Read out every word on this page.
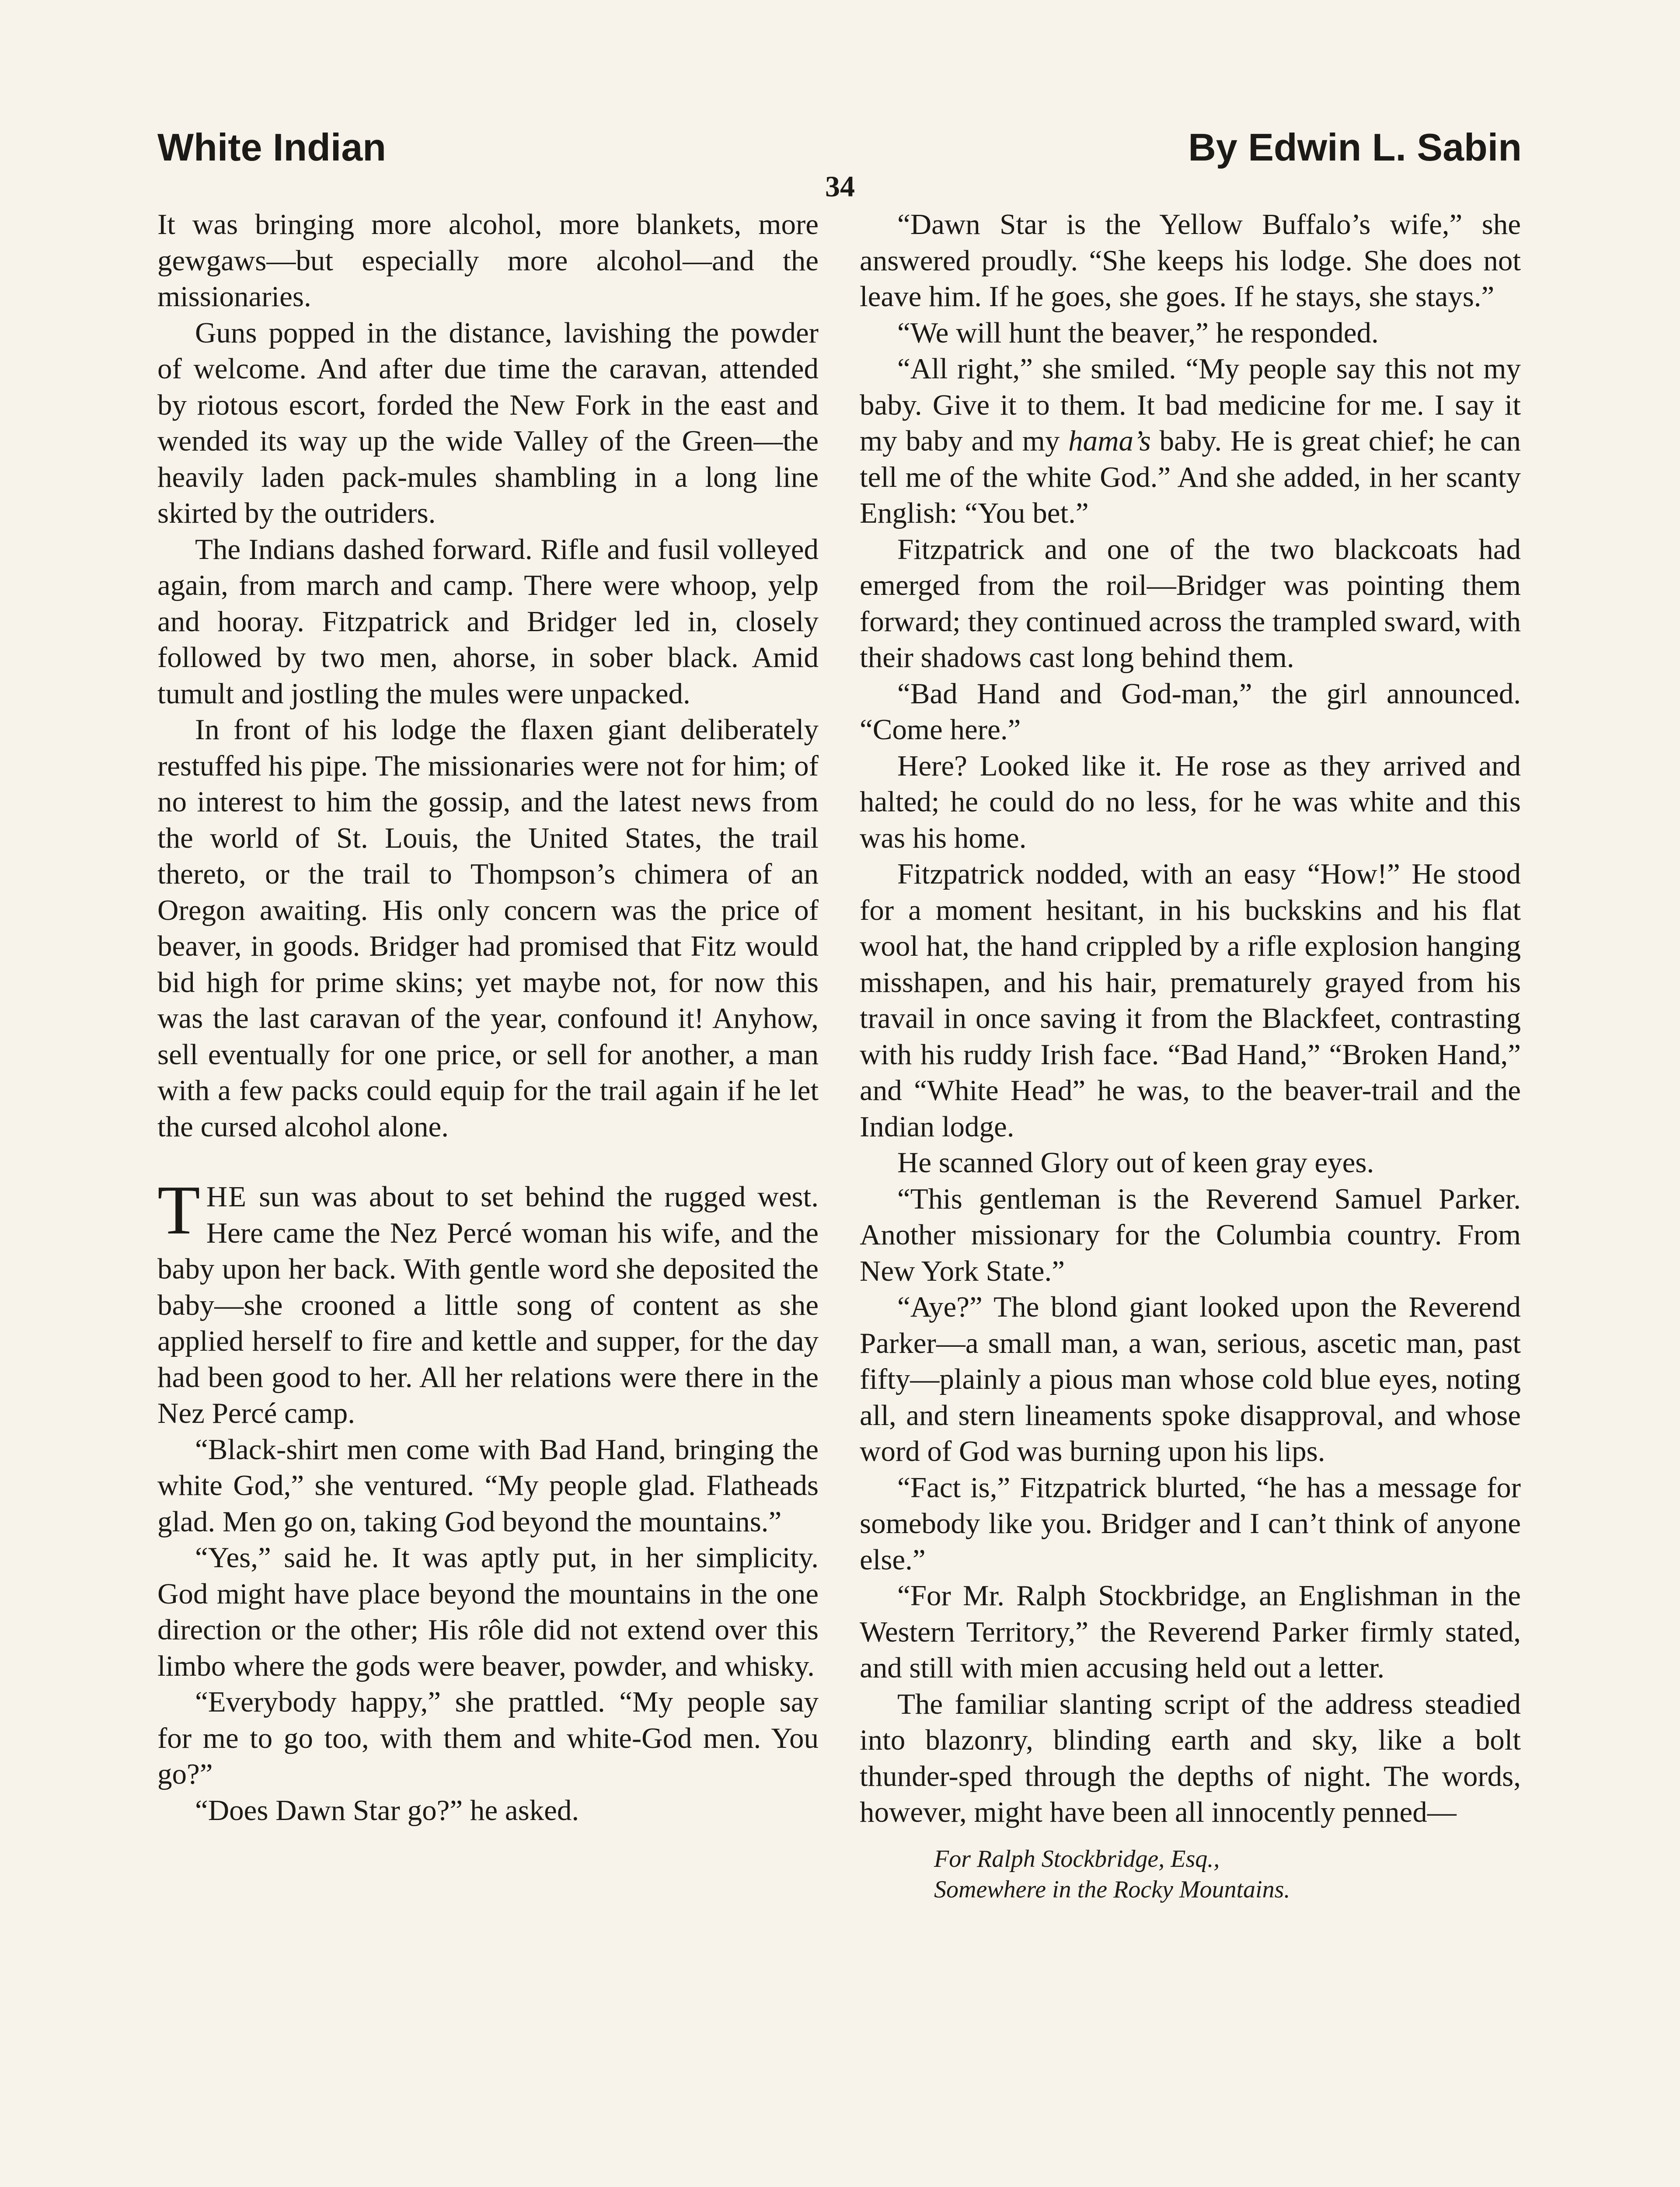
White Indian	By Edwin L. Sabin
34

It was bringing more alcohol, more blankets, more gewgaws—but especially more alcohol—and the missionaries.

Guns popped in the distance, lavishing the powder of welcome. And after due time the caravan, attended by riotous escort, forded the New Fork in the east and wended its way up the wide Valley of the Green—the heavily laden pack-mules shambling in a long line skirted by the outriders.

The Indians dashed forward. Rifle and fusil volleyed again, from march and camp. There were whoop, yelp and hooray. Fitzpatrick and Bridger led in, closely followed by two men, ahorse, in sober black. Amid tumult and jostling the mules were unpacked.

In front of his lodge the flaxen giant deliberately restuffed his pipe. The missionaries were not for him; of no interest to him the gossip, and the latest news from the world of St. Louis, the United States, the trail thereto, or the trail to Thompson’s chimera of an Oregon awaiting. His only concern was the price of beaver, in goods. Bridger had promised that Fitz would bid high for prime skins; yet maybe not, for now this was the last caravan of the year, confound it! Anyhow, sell eventually for one price, or sell for another, a man with a few packs could equip for the trail again if he let the cursed alcohol alone.

THE sun was about to set behind the rugged west. Here came the Nez Percé woman his wife, and the baby upon her back. With gentle word she deposited the baby—she crooned a little song of content as she applied herself to fire and kettle and supper, for the day had been good to her. All her relations were there in the Nez Percé camp.

“Black-shirt men come with Bad Hand, bringing the white God,” she ventured. “My people glad. Flatheads glad. Men go on, taking God beyond the mountains.”

“Yes,” said he. It was aptly put, in her simplicity. God might have place beyond the mountains in the one direction or the other; His rôle did not extend over this limbo where the gods were beaver, powder, and whisky.

“Everybody happy,” she prattled. “My people say for me to go too, with them and white-God men. You go?”

“Does Dawn Star go?” he asked.

“Dawn Star is the Yellow Buffalo’s wife,” she answered proudly. “She keeps his lodge. She does not leave him. If he goes, she goes. If he stays, she stays.”

“We will hunt the beaver,” he responded.

“All right,” she smiled. “My people say this not my baby. Give it to them. It bad medicine for me. I say it my baby and my hama’s baby. He is great chief; he can tell me of the white God.” And she added, in her scanty English: “You bet.”

Fitzpatrick and one of the two blackcoats had emerged from the roil—Bridger was pointing them forward; they continued across the trampled sward, with their shadows cast long behind them.

“Bad Hand and God-man,” the girl announced. “Come here.”

Here? Looked like it. He rose as they arrived and halted; he could do no less, for he was white and this was his home.

Fitzpatrick nodded, with an easy “How!” He stood for a moment hesitant, in his buckskins and his flat wool hat, the hand crippled by a rifle explosion hanging misshapen, and his hair, prematurely grayed from his travail in once saving it from the Blackfeet, contrasting with his ruddy Irish face. “Bad Hand,” “Broken Hand,” and “White Head” he was, to the beaver-trail and the Indian lodge.

He scanned Glory out of keen gray eyes.

“This gentleman is the Reverend Samuel Parker. Another missionary for the Columbia country. From New York State.”

“Aye?” The blond giant looked upon the Reverend Parker—a small man, a wan, serious, ascetic man, past fifty—plainly a pious man whose cold blue eyes, noting all, and stern lineaments spoke disapproval, and whose word of God was burning upon his lips.

“Fact is,” Fitzpatrick blurted, “he has a message for somebody like you. Bridger and I can’t think of anyone else.”

“For Mr. Ralph Stockbridge, an Englishman in the Western Territory,” the Reverend Parker firmly stated, and still with mien accusing held out a letter.

The familiar slanting script of the address steadied into blazonry, blinding earth and sky, like a bolt thunder-sped through the depths of night. The words, however, might have been all innocently penned—

For Ralph Stockbridge, Esq.,
Somewhere in the Rocky Mountains.
